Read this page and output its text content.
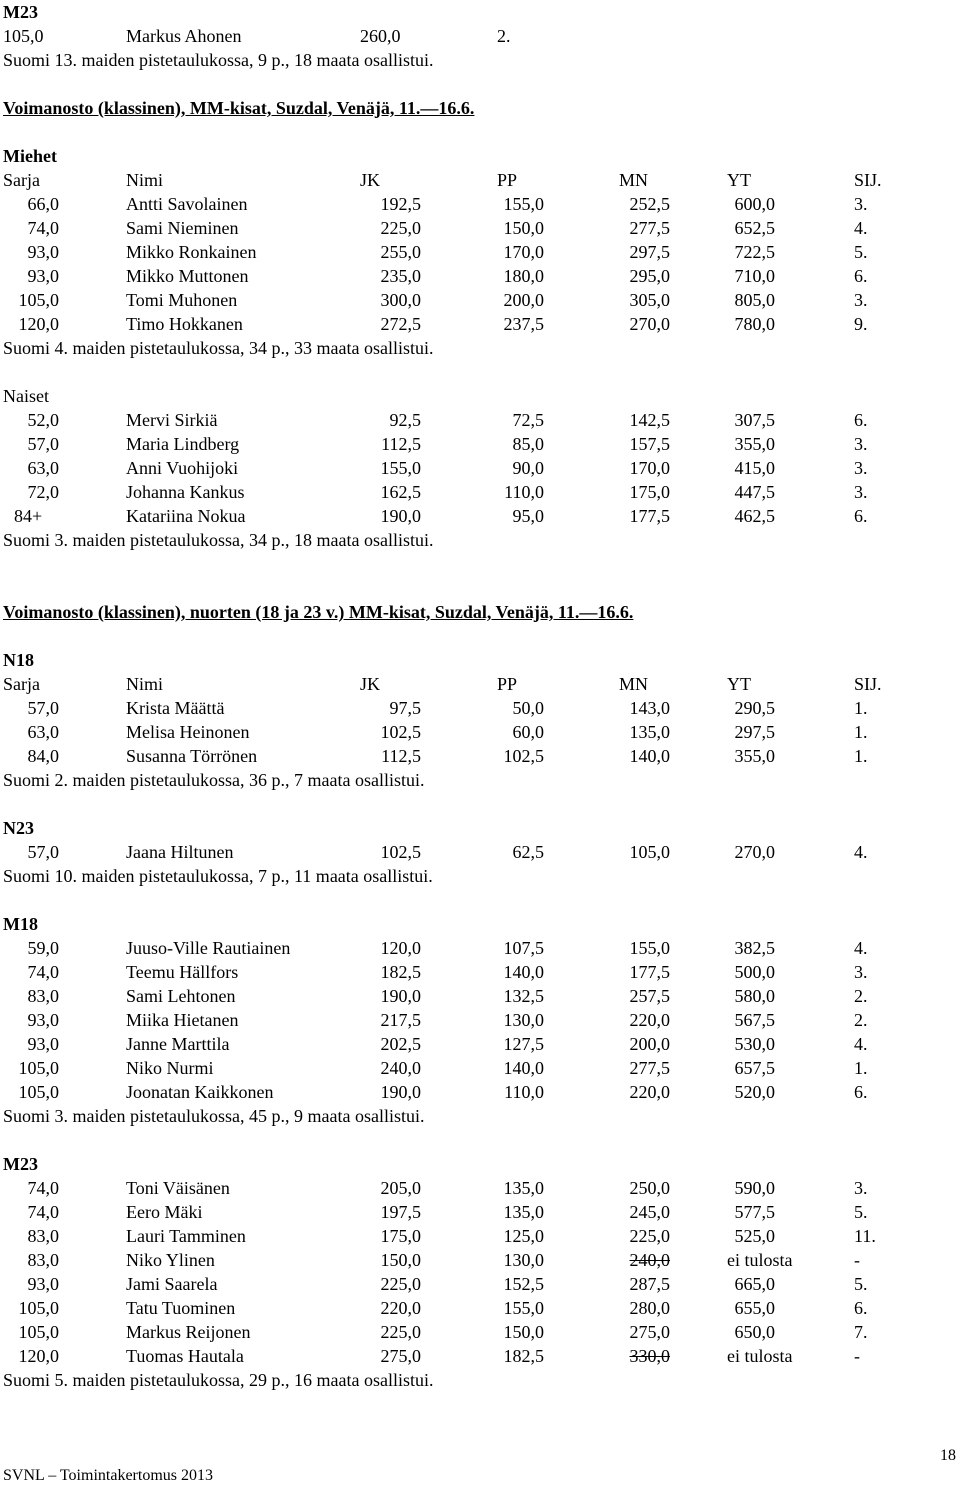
M23
105,0	Markus Ahonen	260,0	2.
Suomi 13. maiden pistetaulukossa, 9 p., 18 maata osallistui.
Voimanosto (klassinen), MM-kisat, Suzdal, Venäjä, 11.—16.6.
Miehet
Sarja	Nimi	JK	PP	MN	YT	SIJ.
66,0	Antti Savolainen	192,5	155,0	252,5	600,0	3.
74,0	Sami Nieminen	225,0	150,0	277,5	652,5	4.
93,0	Mikko Ronkainen	255,0	170,0	297,5	722,5	5.
93,0	Mikko Muttonen	235,0	180,0	295,0	710,0	6.
105,0	Tomi Muhonen	300,0	200,0	305,0	805,0	3.
120,0	Timo Hokkanen	272,5	237,5	270,0	780,0	9.
Suomi 4. maiden pistetaulukossa, 34 p., 33 maata osallistui.
Naiset
52,0	Mervi Sirkiä	92,5	72,5	142,5	307,5	6.
57,0	Maria Lindberg	112,5	85,0	157,5	355,0	3.
63,0	Anni Vuohijoki	155,0	90,0	170,0	415,0	3.
72,0	Johanna Kankus	162,5	110,0	175,0	447,5	3.
84+	Katariina Nokua	190,0	95,0	177,5	462,5	6.
Suomi 3. maiden pistetaulukossa, 34 p., 18 maata osallistui.
Voimanosto (klassinen), nuorten (18 ja 23 v.) MM-kisat, Suzdal, Venäjä, 11.—16.6.
N18
Sarja	Nimi	JK	PP	MN	YT	SIJ.
57,0	Krista Määttä	97,5	50,0	143,0	290,5	1.
63,0	Melisa Heinonen	102,5	60,0	135,0	297,5	1.
84,0	Susanna Törrönen	112,5	102,5	140,0	355,0	1.
Suomi 2. maiden pistetaulukossa, 36 p., 7 maata osallistui.
N23
57,0	Jaana Hiltunen	102,5	62,5	105,0	270,0	4.
Suomi 10. maiden pistetaulukossa, 7 p., 11 maata osallistui.
M18
59,0	Juuso-Ville Rautiainen	120,0	107,5	155,0	382,5	4.
74,0	Teemu Hällfors	182,5	140,0	177,5	500,0	3.
83,0	Sami Lehtonen	190,0	132,5	257,5	580,0	2.
93,0	Miika Hietanen	217,5	130,0	220,0	567,5	2.
93,0	Janne Marttila	202,5	127,5	200,0	530,0	4.
105,0	Niko Nurmi	240,0	140,0	277,5	657,5	1.
105,0	Joonatan Kaikkonen	190,0	110,0	220,0	520,0	6.
Suomi 3. maiden pistetaulukossa, 45 p., 9 maata osallistui.
M23
74,0	Toni Väisänen	205,0	135,0	250,0	590,0	3.
74,0	Eero Mäki	197,5	135,0	245,0	577,5	5.
83,0	Lauri Tamminen	175,0	125,0	225,0	525,0	11.
83,0	Niko Ylinen	150,0	130,0	240,0	ei tulosta	-
93,0	Jami Saarela	225,0	152,5	287,5	665,0	5.
105,0	Tatu Tuominen	220,0	155,0	280,0	655,0	6.
105,0	Markus Reijonen	225,0	150,0	275,0	650,0	7.
120,0	Tuomas Hautala	275,0	182,5	330,0	ei tulosta	-
Suomi 5. maiden pistetaulukossa, 29 p., 16 maata osallistui.
18
SVNL – Toimintakertomus 2013
